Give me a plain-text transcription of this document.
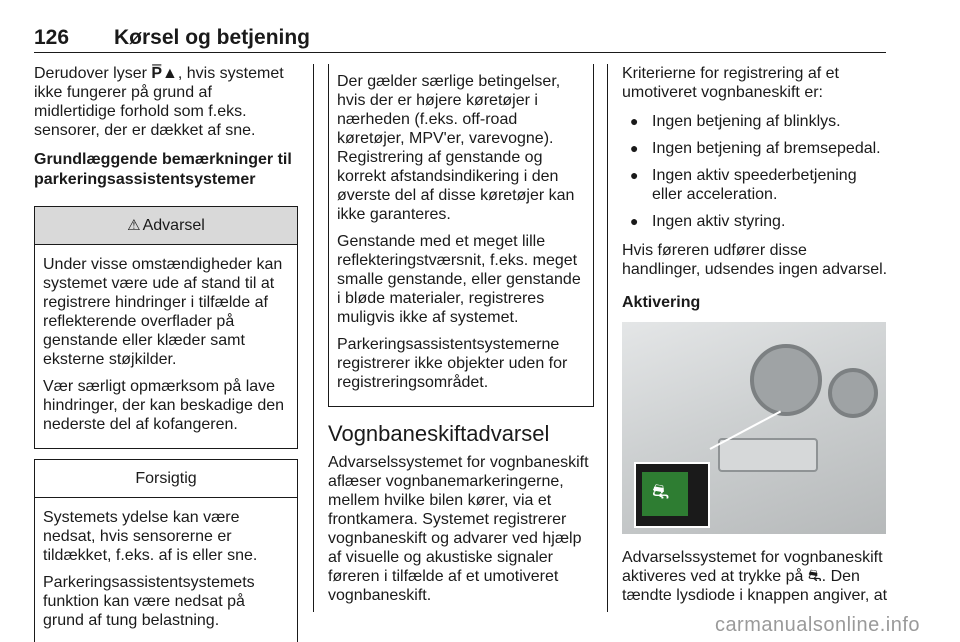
126 Kørsel og betjening

Derudover lyser P̿▲, hvis systemet ikke fungerer på grund af midlertidige forhold som f.eks. sensorer, der er dækket af sne.

Grundlæggende bemærkninger til parkeringsassistentsystemer
⚠ Advarsel

Under visse omstændigheder kan systemet være ude af stand til at registrere hindringer i tilfælde af reflekterende overflader på genstande eller klæder samt eksterne støjkilder.

Vær særligt opmærksom på lave hindringer, der kan beskadige den nederste del af kofangeren.

Forsigtig

Systemets ydelse kan være nedsat, hvis sensorerne er tildækket, f.eks. af is eller sne.

Parkeringsassistentsystemets funktion kan være nedsat på grund af tung belastning.

Der gælder særlige betingelser, hvis der er højere køretøjer i nærheden (f.eks. off-road køretøjer, MPV'er, varevogne). Registrering af genstande og korrekt afstandsindikering i den øverste del af disse køretøjer kan ikke garanteres.

Genstande med et meget lille reflekteringstværsnit, f.eks. meget smalle genstande, eller genstande i bløde materialer, registreres muligvis ikke af systemet.

Parkeringsassistentsystemerne registrerer ikke objekter uden for registreringsområdet.

Vognbaneskiftadvarsel

Advarselssystemet for vognbaneskift aflæser vognbanemarkeringerne, mellem hvilke bilen kører, via et frontkamera. Systemet registrerer vognbaneskift og advarer ved hjælp af visuelle og akustiske signaler føreren i tilfælde af et umotiveret vognbaneskift.

Kriterierne for registrering af et umotiveret vognbaneskift er:

● Ingen betjening af blinklys.
● Ingen betjening af bremsepedal.
● Ingen aktiv speederbetjening eller acceleration.
● Ingen aktiv styring.

Hvis føreren udfører disse handlinger, udsendes ingen advarsel.

Aktivering
⛐

Advarselssystemet for vognbaneskift aktiveres ved at trykke på ⛐. Den tændte lysdiode i knappen angiver, at

carmanualsonline.info
